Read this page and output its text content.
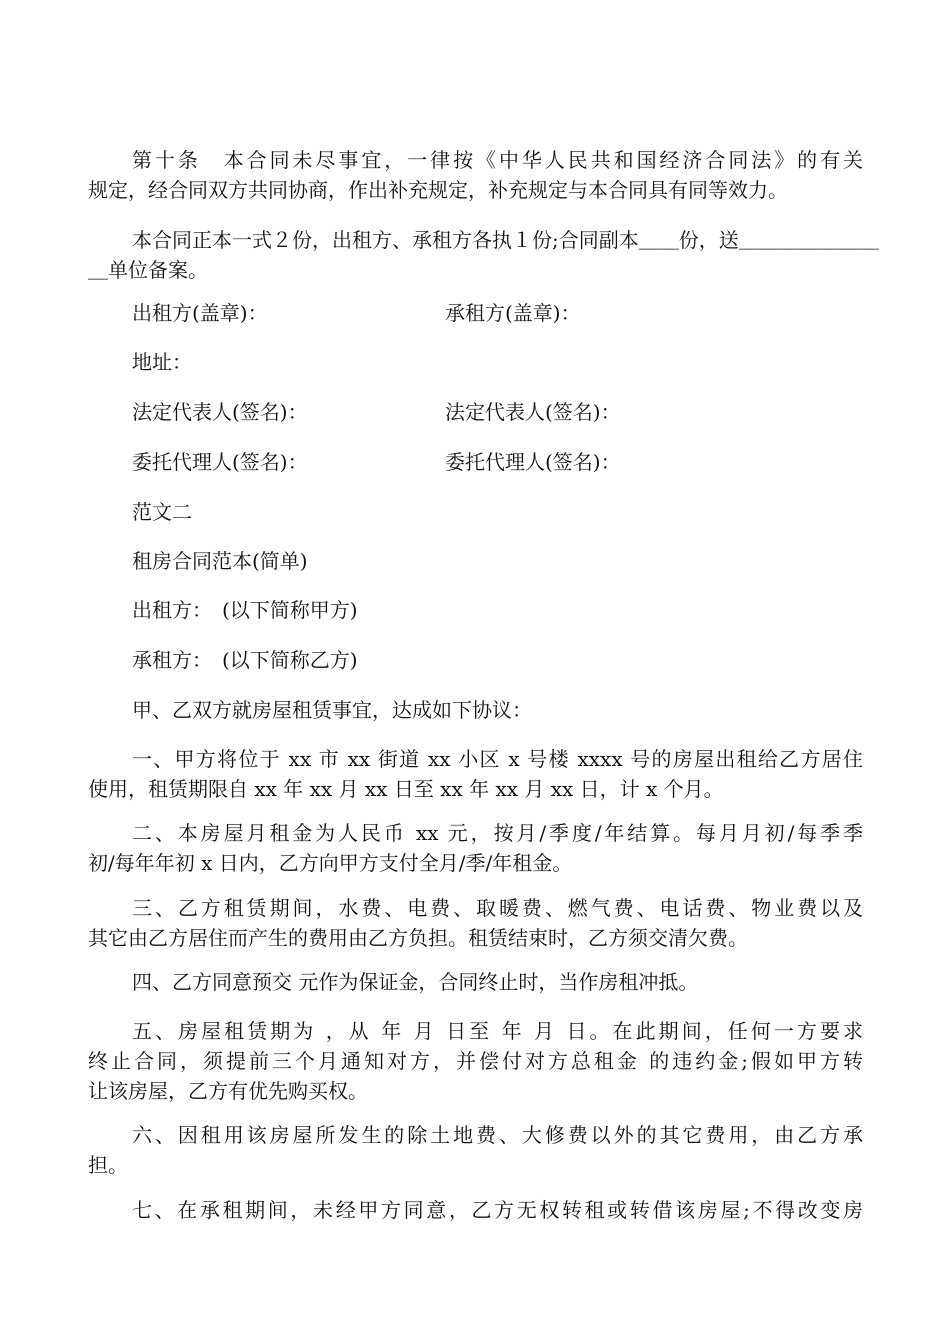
第十条　本合同未尽事宜，一律按《中华人民共和国经济合同法》的有关
规定，经合同双方共同协商，作出补充规定，补充规定与本合同具有同等效力。
本合同正本一式２份，出租方、承租方各执１份;合同副本＿＿份，送＿＿＿＿＿＿＿
＿单位备案。
出租方(盖章)：	承租方(盖章)：
地址：
法定代表人(签名)：	法定代表人(签名)：
委托代理人(签名)：	委托代理人(签名)：
范文二
租房合同范本(简单)
出租方：　(以下简称甲方)
承租方：　(以下简称乙方)
甲、乙双方就房屋租赁事宜，达成如下协议：
一、甲方将位于 xx 市 xx 街道 xx 小区 x 号楼 xxxx 号的房屋出租给乙方居住
使用，租赁期限自 xx 年 xx 月 xx 日至 xx 年 xx 月 xx 日，计 x 个月。
二、本房屋月租金为人民币 xx 元，按月/季度/年结算。每月月初/每季季
初/每年年初 x 日内，乙方向甲方支付全月/季/年租金。
三、乙方租赁期间，水费、电费、取暖费、燃气费、电话费、物业费以及
其它由乙方居住而产生的费用由乙方负担。租赁结束时，乙方须交清欠费。
四、乙方同意预交 元作为保证金，合同终止时，当作房租冲抵。
五、房屋租赁期为 ，从 年 月 日至 年 月 日。在此期间，任何一方要求
终止合同，须提前三个月通知对方，并偿付对方总租金 的违约金;假如甲方转
让该房屋，乙方有优先购买权。
六、因租用该房屋所发生的除土地费、大修费以外的其它费用，由乙方承
担。
七、在承租期间，未经甲方同意，乙方无权转租或转借该房屋;不得改变房
